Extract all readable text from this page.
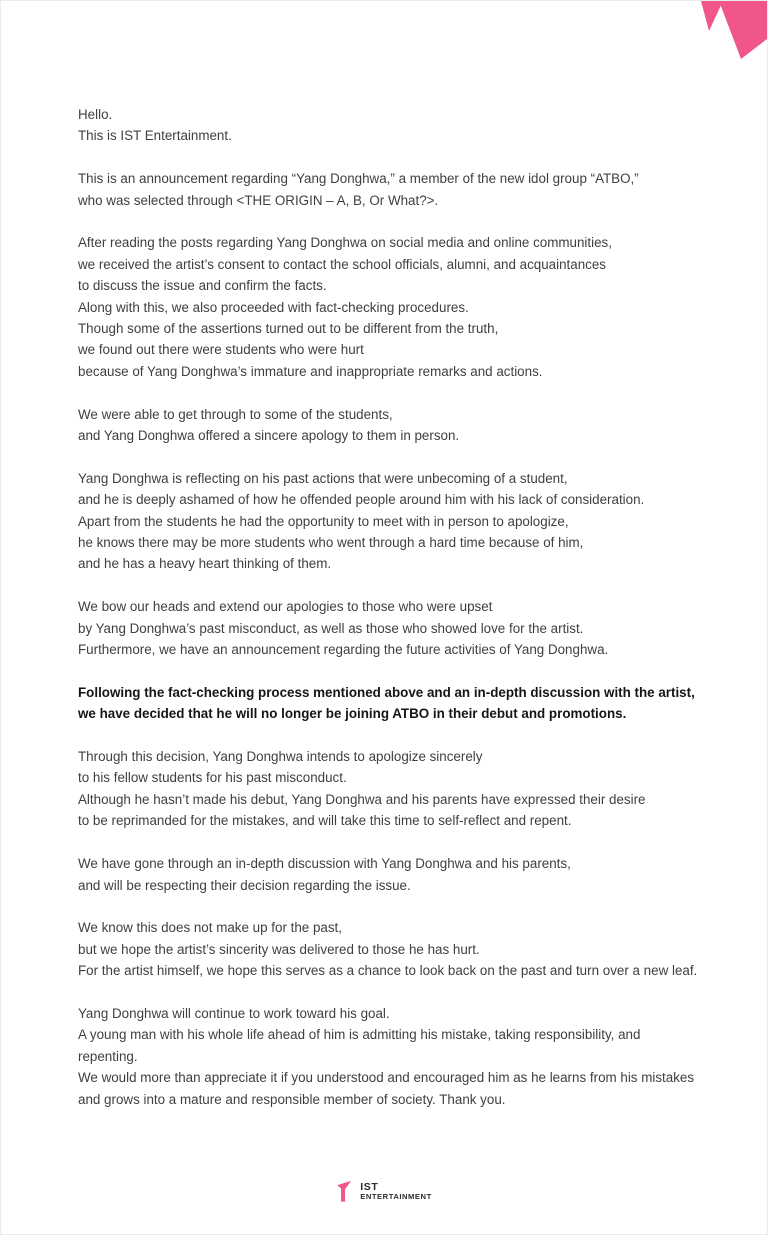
Hello.
This is IST Entertainment.

This is an announcement regarding “Yang Donghwa,” a member of the new idol group “ATBO,”
who was selected through <THE ORIGIN – A, B, Or What?>.

After reading the posts regarding Yang Donghwa on social media and online communities,
we received the artist’s consent to contact the school officials, alumni, and acquaintances
to discuss the issue and confirm the facts.
Along with this, we also proceeded with fact-checking procedures.
Though some of the assertions turned out to be different from the truth,
we found out there were students who were hurt
because of Yang Donghwa’s immature and inappropriate remarks and actions.

We were able to get through to some of the students,
and Yang Donghwa offered a sincere apology to them in person.

Yang Donghwa is reflecting on his past actions that were unbecoming of a student,
and he is deeply ashamed of how he offended people around him with his lack of consideration.
Apart from the students he had the opportunity to meet with in person to apologize,
he knows there may be more students who went through a hard time because of him,
and he has a heavy heart thinking of them.

We bow our heads and extend our apologies to those who were upset
by Yang Donghwa’s past misconduct, as well as those who showed love for the artist.
Furthermore, we have an announcement regarding the future activities of Yang Donghwa.

Following the fact-checking process mentioned above and an in-depth discussion with the artist,
we have decided that he will no longer be joining ATBO in their debut and promotions.

Through this decision, Yang Donghwa intends to apologize sincerely
to his fellow students for his past misconduct.
Although he hasn’t made his debut, Yang Donghwa and his parents have expressed their desire
to be reprimanded for the mistakes, and will take this time to self-reflect and repent.

We have gone through an in-depth discussion with Yang Donghwa and his parents,
and will be respecting their decision regarding the issue.

We know this does not make up for the past,
but we hope the artist’s sincerity was delivered to those he has hurt.
For the artist himself, we hope this serves as a chance to look back on the past and turn over a new leaf.

Yang Donghwa will continue to work toward his goal.
A young man with his whole life ahead of him is admitting his mistake, taking responsibility, and repenting.
We would more than appreciate it if you understood and encouraged him as he learns from his mistakes
and grows into a mature and responsible member of society. Thank you.

IST
ENTERTAINMENT
